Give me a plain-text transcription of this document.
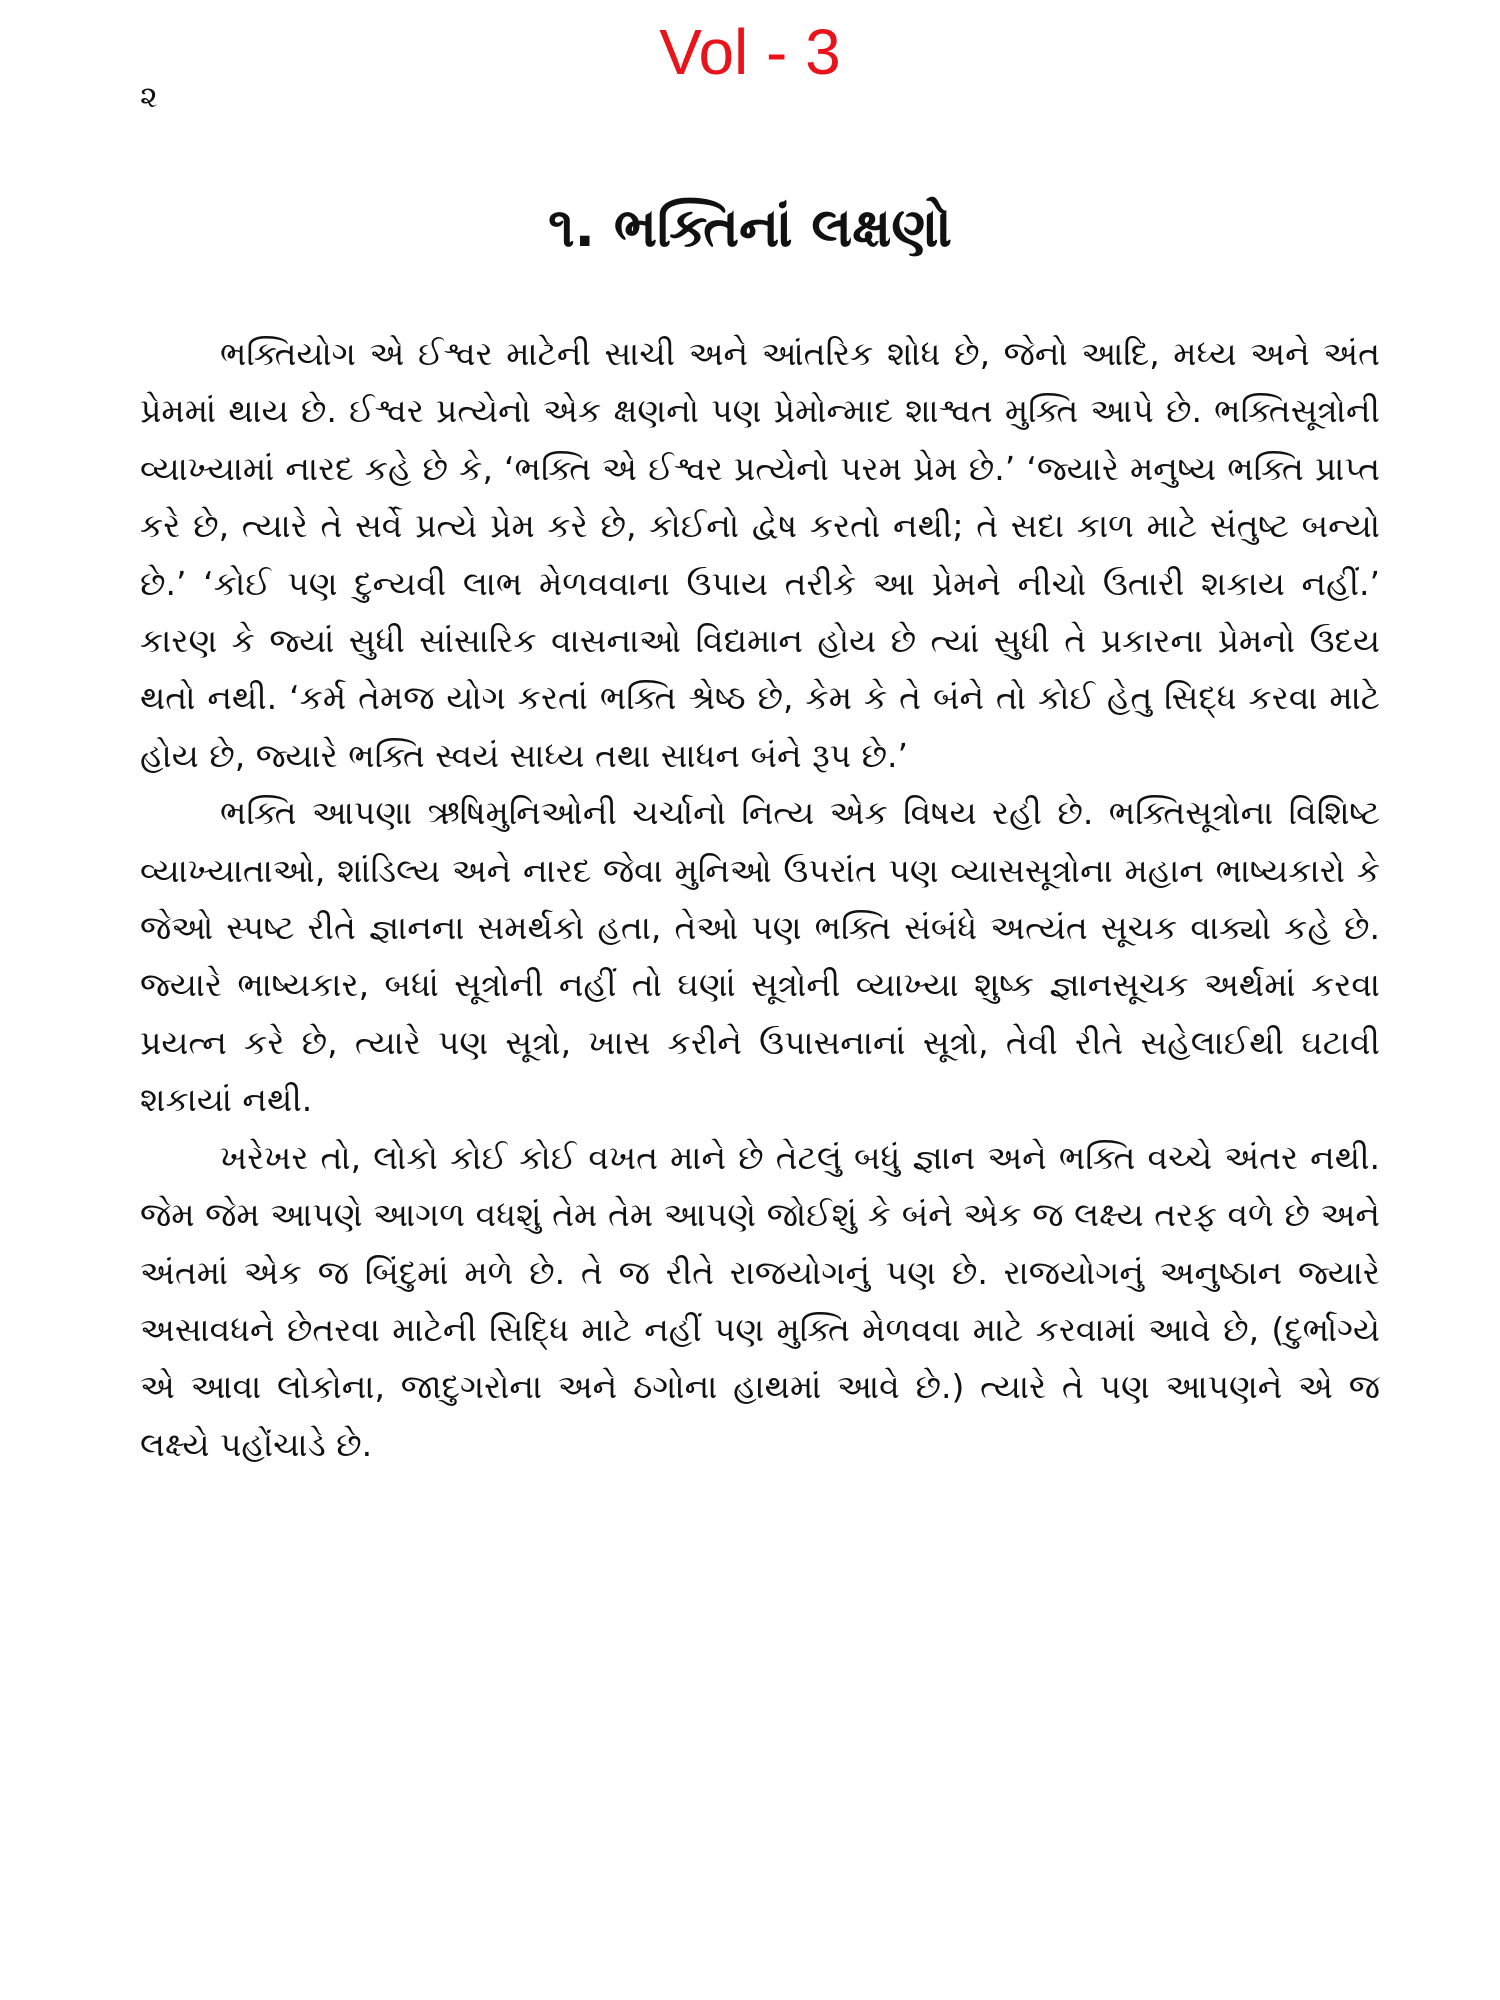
Vol - 3
૨
૧. ભક્તિનાં લક્ષણો

ભક્તિયોગ એ ઈશ્વર માટેની સાચી અને આંતરિક શોધ છે, જેનો આદિ, મધ્ય અને અંત પ્રેમમાં થાય છે. ઈશ્વર પ્રત્યેનો એક ક્ષણનો પણ પ્રેમોન્માદ શાશ્વત મુક્તિ આપે છે. ભક્તિસૂત્રોની વ્યાખ્યામાં નારદ કહે છે કે, ‘ભક્તિ એ ઈશ્વર પ્રત્યેનો પરમ પ્રેમ છે.’ ‘જ્યારે મનુષ્ય ભક્તિ પ્રાપ્ત કરે છે, ત્યારે તે સર્વે પ્રત્યે પ્રેમ કરે છે, કોઈનો દ્વેષ કરતો નથી; તે સદા કાળ માટે સંતુષ્ટ બન્યો છે.’ ‘કોઈ પણ દુન્યવી લાભ મેળવવાના ઉપાય તરીકે આ પ્રેમને નીચો ઉતારી શકાય નહીં.’ કારણ કે જ્યાં સુધી સાંસારિક વાસનાઓ વિદ્યમાન હોય છે ત્યાં સુધી તે પ્રકારના પ્રેમનો ઉદય થતો નથી. ‘કર્મ તેમજ યોગ કરતાં ભક્તિ શ્રેષ્ઠ છે, કેમ કે તે બંને તો કોઈ હેતુ સિદ્ધ કરવા માટે હોય છે, જ્યારે ભક્તિ સ્વયં સાધ્ય તથા સાધન બંને રૂપ છે.’

ભક્તિ આપણા ઋષિમુનિઓની ચર્ચાનો નિત્ય એક વિષય રહી છે. ભક્તિસૂત્રોના વિશિષ્ટ વ્યાખ્યાતાઓ, શાંડિલ્ય અને નારદ જેવા મુનિઓ ઉપરાંત પણ વ્યાસસૂત્રોના મહાન ભાષ્યકારો કે જેઓ સ્પષ્ટ રીતે જ્ઞાનના સમર્થકો હતા, તેઓ પણ ભક્તિ સંબંધે અત્યંત સૂચક વાક્યો કહે છે. જ્યારે ભાષ્યકાર, બધાં સૂત્રોની નહીં તો ઘણાં સૂત્રોની વ્યાખ્યા શુષ્ક જ્ઞાનસૂચક અર્થમાં કરવા પ્રયત્ન કરે છે, ત્યારે પણ સૂત્રો, ખાસ કરીને ઉપાસનાનાં સૂત્રો, તેવી રીતે સહેલાઈથી ઘટાવી શકાયાં નથી.

ખરેખર તો, લોકો કોઈ કોઈ વખત માને છે તેટલું બધું જ્ઞાન અને ભક્તિ વચ્ચે અંતર નથી. જેમ જેમ આપણે આગળ વધશું તેમ તેમ આપણે જોઈશું કે બંને એક જ લક્ષ્ય તરફ વળે છે અને અંતમાં એક જ બિંદુમાં મળે છે. તે જ રીતે રાજયોગનું પણ છે. રાજયોગનું અનુષ્ઠાન જ્યારે અસાવધને છેતરવા માટેની સિદ્ધિ માટે નહીં પણ મુક્તિ મેળવવા માટે કરવામાં આવે છે, (દુર્ભાગ્યે એ આવા લોકોના, જાદુગરોના અને ઠગોના હાથમાં આવે છે.) ત્યારે તે પણ આપણને એ જ લક્ષ્યે પહોંચાડે છે.
